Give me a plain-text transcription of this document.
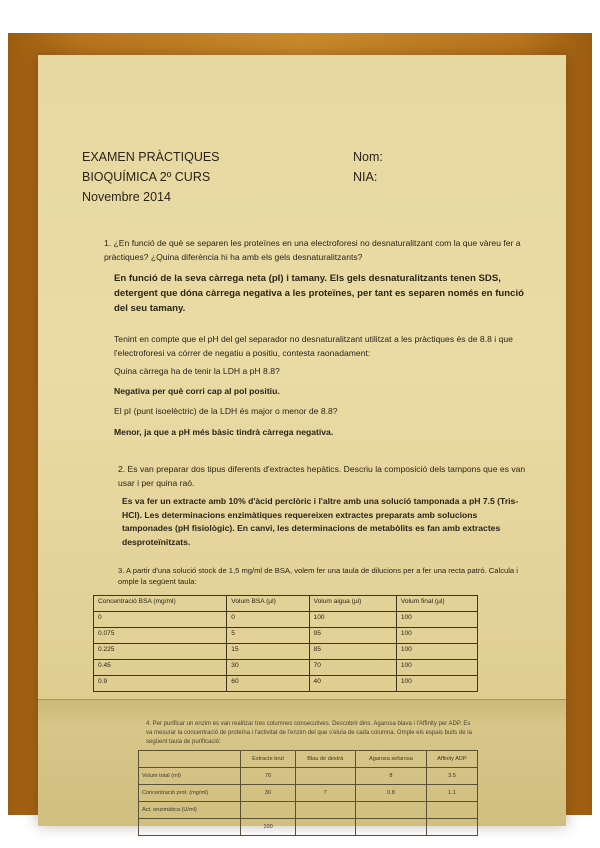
EXAMEN PRÀCTIQUES
BIOQUÍMICA 2º CURS
Novembre 2014
Nom:
NIA:
1. ¿En funció de què se separen les proteïnes en una electroforesi no desnaturalitzant com la que vàreu fer a pràctiques? ¿Quina diferència hi ha amb els gels desnaturalitzants?
En funció de la seva càrrega neta (pI) i tamany. Els gels desnaturalitzants tenen SDS, detergent que dóna càrrega negativa a les proteïnes, per tant es separen només en funció del seu tamany.
Tenint en compte que el pH del gel separador no desnaturalitzant utilitzat a les pràctiques és de 8.8 i que l'electroforesi va córrer de negatiu a positiu, contesta raonadament:
Quina càrrega ha de tenir la LDH a pH 8.8?
Negativa per què corri cap al pol positiu.
El pI (punt isoelèctric) de la LDH és major o menor de 8.8?
Menor, ja que a pH més bàsic tindrà càrrega negativa.
2. Es van preparar dos tipus diferents d'extractes hepàtics. Descriu la composició dels tampons que es van usar i per quina raó.
Es va fer un extracte amb 10% d'àcid perclòric i l'altre amb una solució tamponada a pH 7.5 (Tris-HCl). Les determinacions enzimàtiques requereixen extractes preparats amb solucions tamponades (pH fisiològic). En canvi, les determinacions de metabòlits es fan amb extractes desproteïnitzats.
3. A partir d'una solució stock de 1,5 mg/ml de BSA, volem fer una taula de dilucions per a fer una recta patró. Calcula i omple la següent taula:
Concentració BSA (mg/ml)	Volum BSA (µl)	Volum aigua (µl)	Volum final (µl)
0	0	100	100
0.075	5	95	100
0.225	15	85	100
0.45	30	70	100
0.9	60	40	100
4. Per purificar un enzim es van realitzar tres columnes consecutives. Descobrir dins. Agarosa blava i l'Affinity per ADP. Es va mesurar la concentració de proteïna i l'activitat de l'enzim del que s'eluïa de cada columna. Omple els espais buits de la següent taula de purificació:
	Extracte brut	Blau de dextrà	Agarosa sefarosa	Affinity ADP
Volum total (ml)	70		8	3.5
Concentració prot. (mg/ml)	30	7	0.8	1.1
Act. enzimàtica (U/ml)				
	100			
